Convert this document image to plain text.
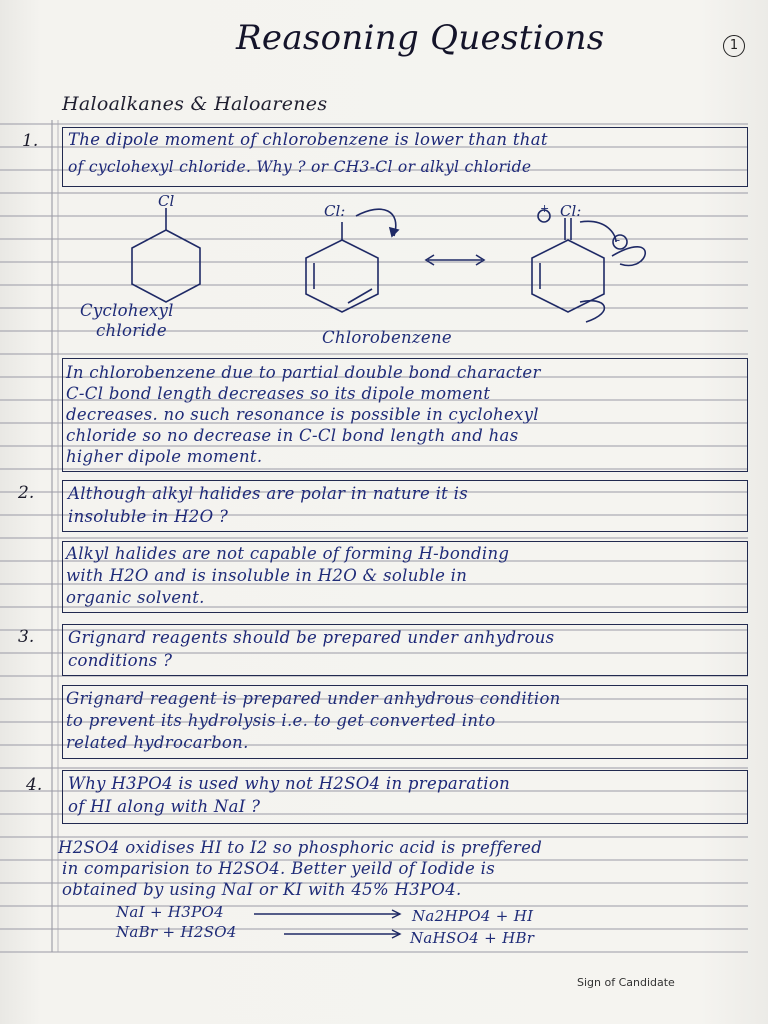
Reasoning Questions	1
Haloalkanes & Haloarenes
1. The dipole moment of chlorobenzene is lower than that
of cyclohexyl chloride. Why ? or CH3-Cl or alkyl chloride
Cl
Cl:	Cl:
+
-
Cyclohexyl
chloride	Chlorobenzene
In chlorobenzene due to partial double bond character
C-Cl bond length decreases so its dipole moment
decreases. no such resonance is possible in cyclohexyl
chloride so no decrease in C-Cl bond length and has
higher dipole moment.
2. Although alkyl halides are polar in nature it is
insoluble in H2O ?
Alkyl halides are not capable of forming H-bonding
with H2O and is insoluble in H2O & soluble in
organic solvent.
3. Grignard reagents should be prepared under anhydrous
conditions ?
Grignard reagent is prepared under anhydrous condition
to prevent its hydrolysis i.e. to get converted into
related hydrocarbon.
4. Why H3PO4 is used why not H2SO4 in preparation
of HI along with NaI ?
H2SO4 oxidises HI to I2 so phosphoric acid is preffered
in comparision to H2SO4. Better yeild of Iodide is
obtained by using NaI or KI with 45% H3PO4.
NaI + H3PO4	Na2HPO4 + HI
NaBr + H2SO4	NaHSO4 + HBr
Sign of Candidate
